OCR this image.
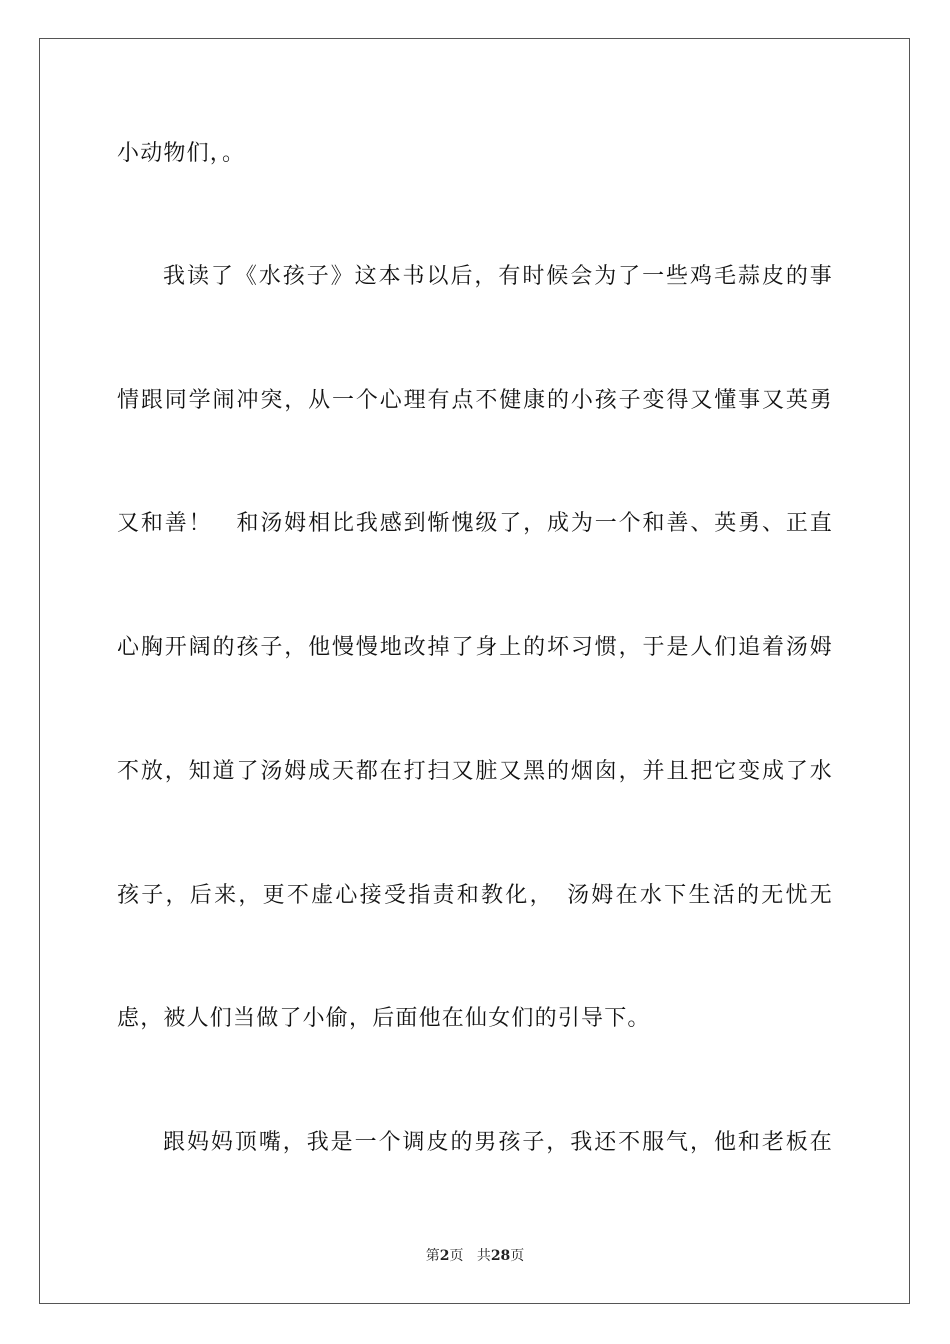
小动物们，。
我读了《水孩子》这本书以后，有时候会为了一些鸡毛蒜皮的事
情跟同学闹冲突，从一个心理有点不健康的小孩子变得又懂事又英勇
又和善！　和汤姆相比我感到惭愧级了，成为一个和善、英勇、正直
心胸开阔的孩子，他慢慢地改掉了身上的坏习惯，于是人们追着汤姆
不放，知道了汤姆成天都在打扫又脏又黑的烟囱，并且把它变成了水
孩子，后来，更不虚心接受指责和教化，　汤姆在水下生活的无忧无
虑，被人们当做了小偷，后面他在仙女们的引导下。
跟妈妈顶嘴，我是一个调皮的男孩子，我还不服气，他和老板在
第2页 共28页
